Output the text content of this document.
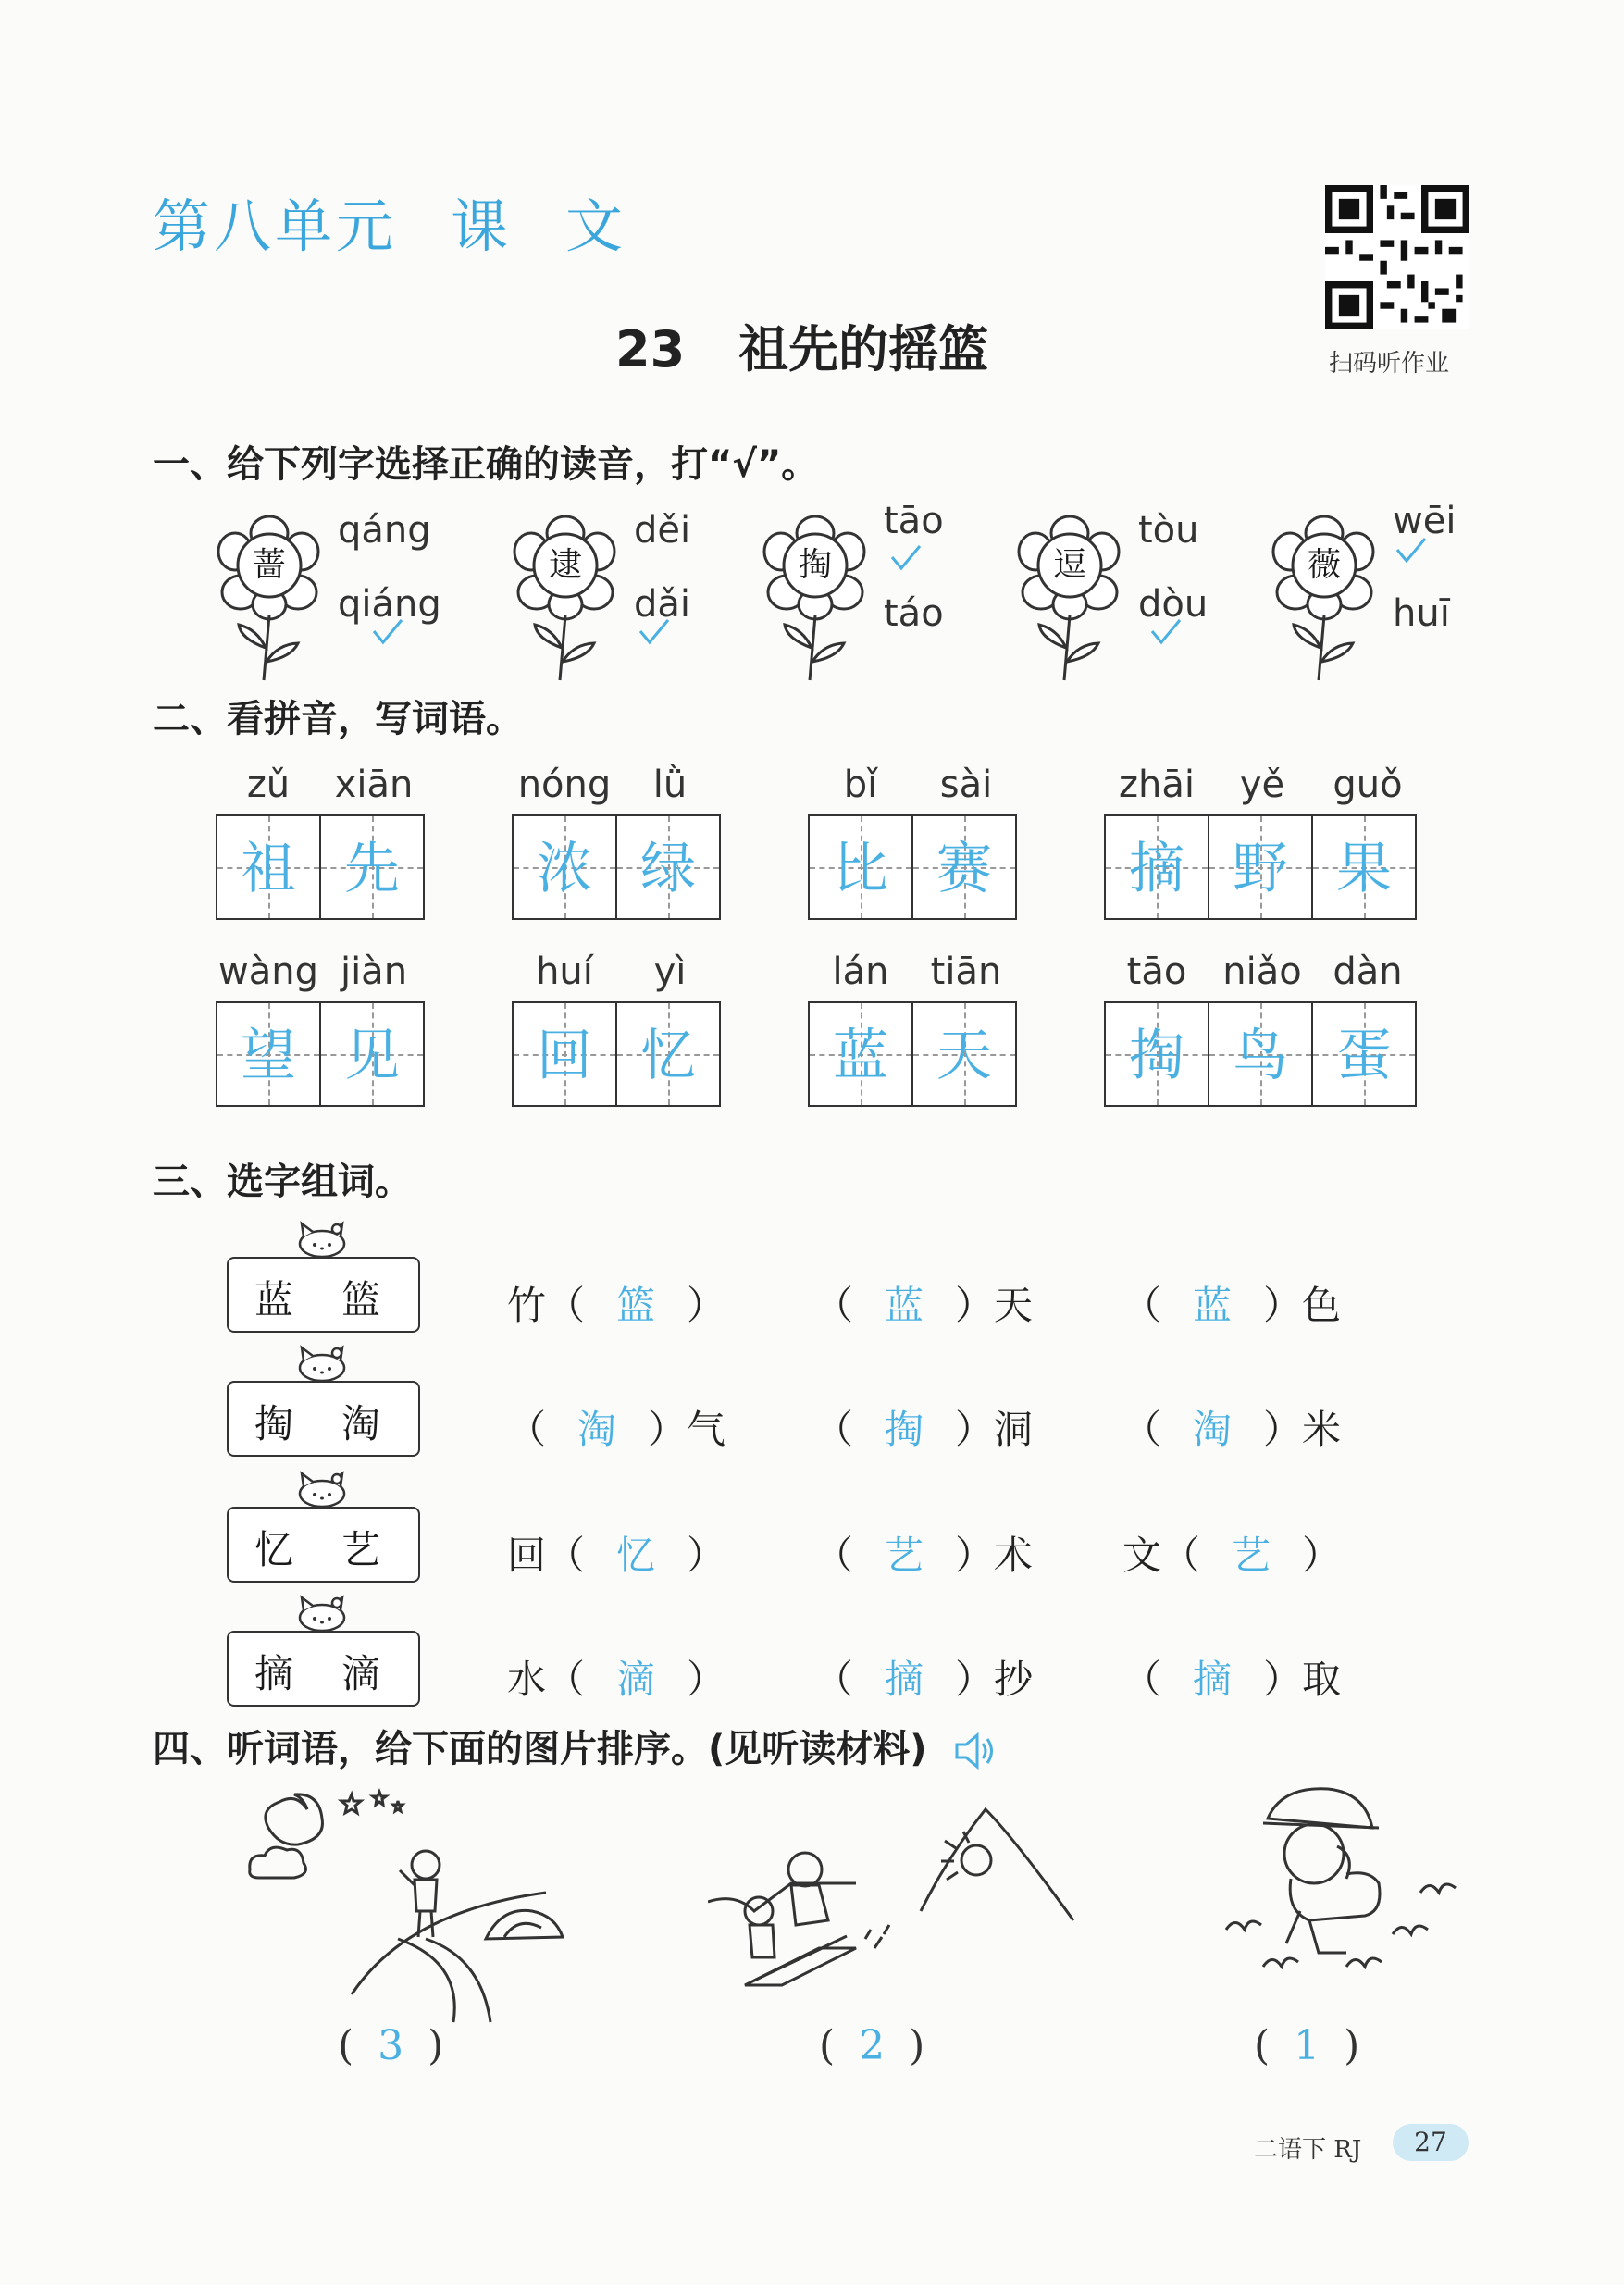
第八单元 课 文
23 祖先的摇篮	扫码听作业
一、给下列字选择正确的读音，打“√”。
蔷
qáng
qiáng
逮
děi
dǎi
掏
tāo
táo
逗
tòu
dòu
薇
wēi
huī
二、看拼音，写词语。
zǔ	xiān
祖 先
nóng	lǜ
浓 绿
bǐ	sài
比 赛
zhāi	yě	guǒ
摘 野 果
wàng jiàn
望 见
huí	yì
回 忆
lán	tiān
蓝 天
tāo niǎo dàn
掏 鸟 蛋
三、选字组词。
蓝 篮	竹（ 篮 ） （ 蓝 ）天 （ 蓝 ）色
掏 淘	（ 淘 ）气 （ 掏 ）洞 （ 淘 ）米
忆 艺	回（ 忆 ） （ 艺 ）术 文（ 艺 ）
摘 滴	水（ 滴 ） （ 摘 ）抄 （ 摘 ）取
四、听词语，给下面的图片排序。(见听读材料)
( 3 )	( 2 )	( 1 )
二语下 RJ	27
